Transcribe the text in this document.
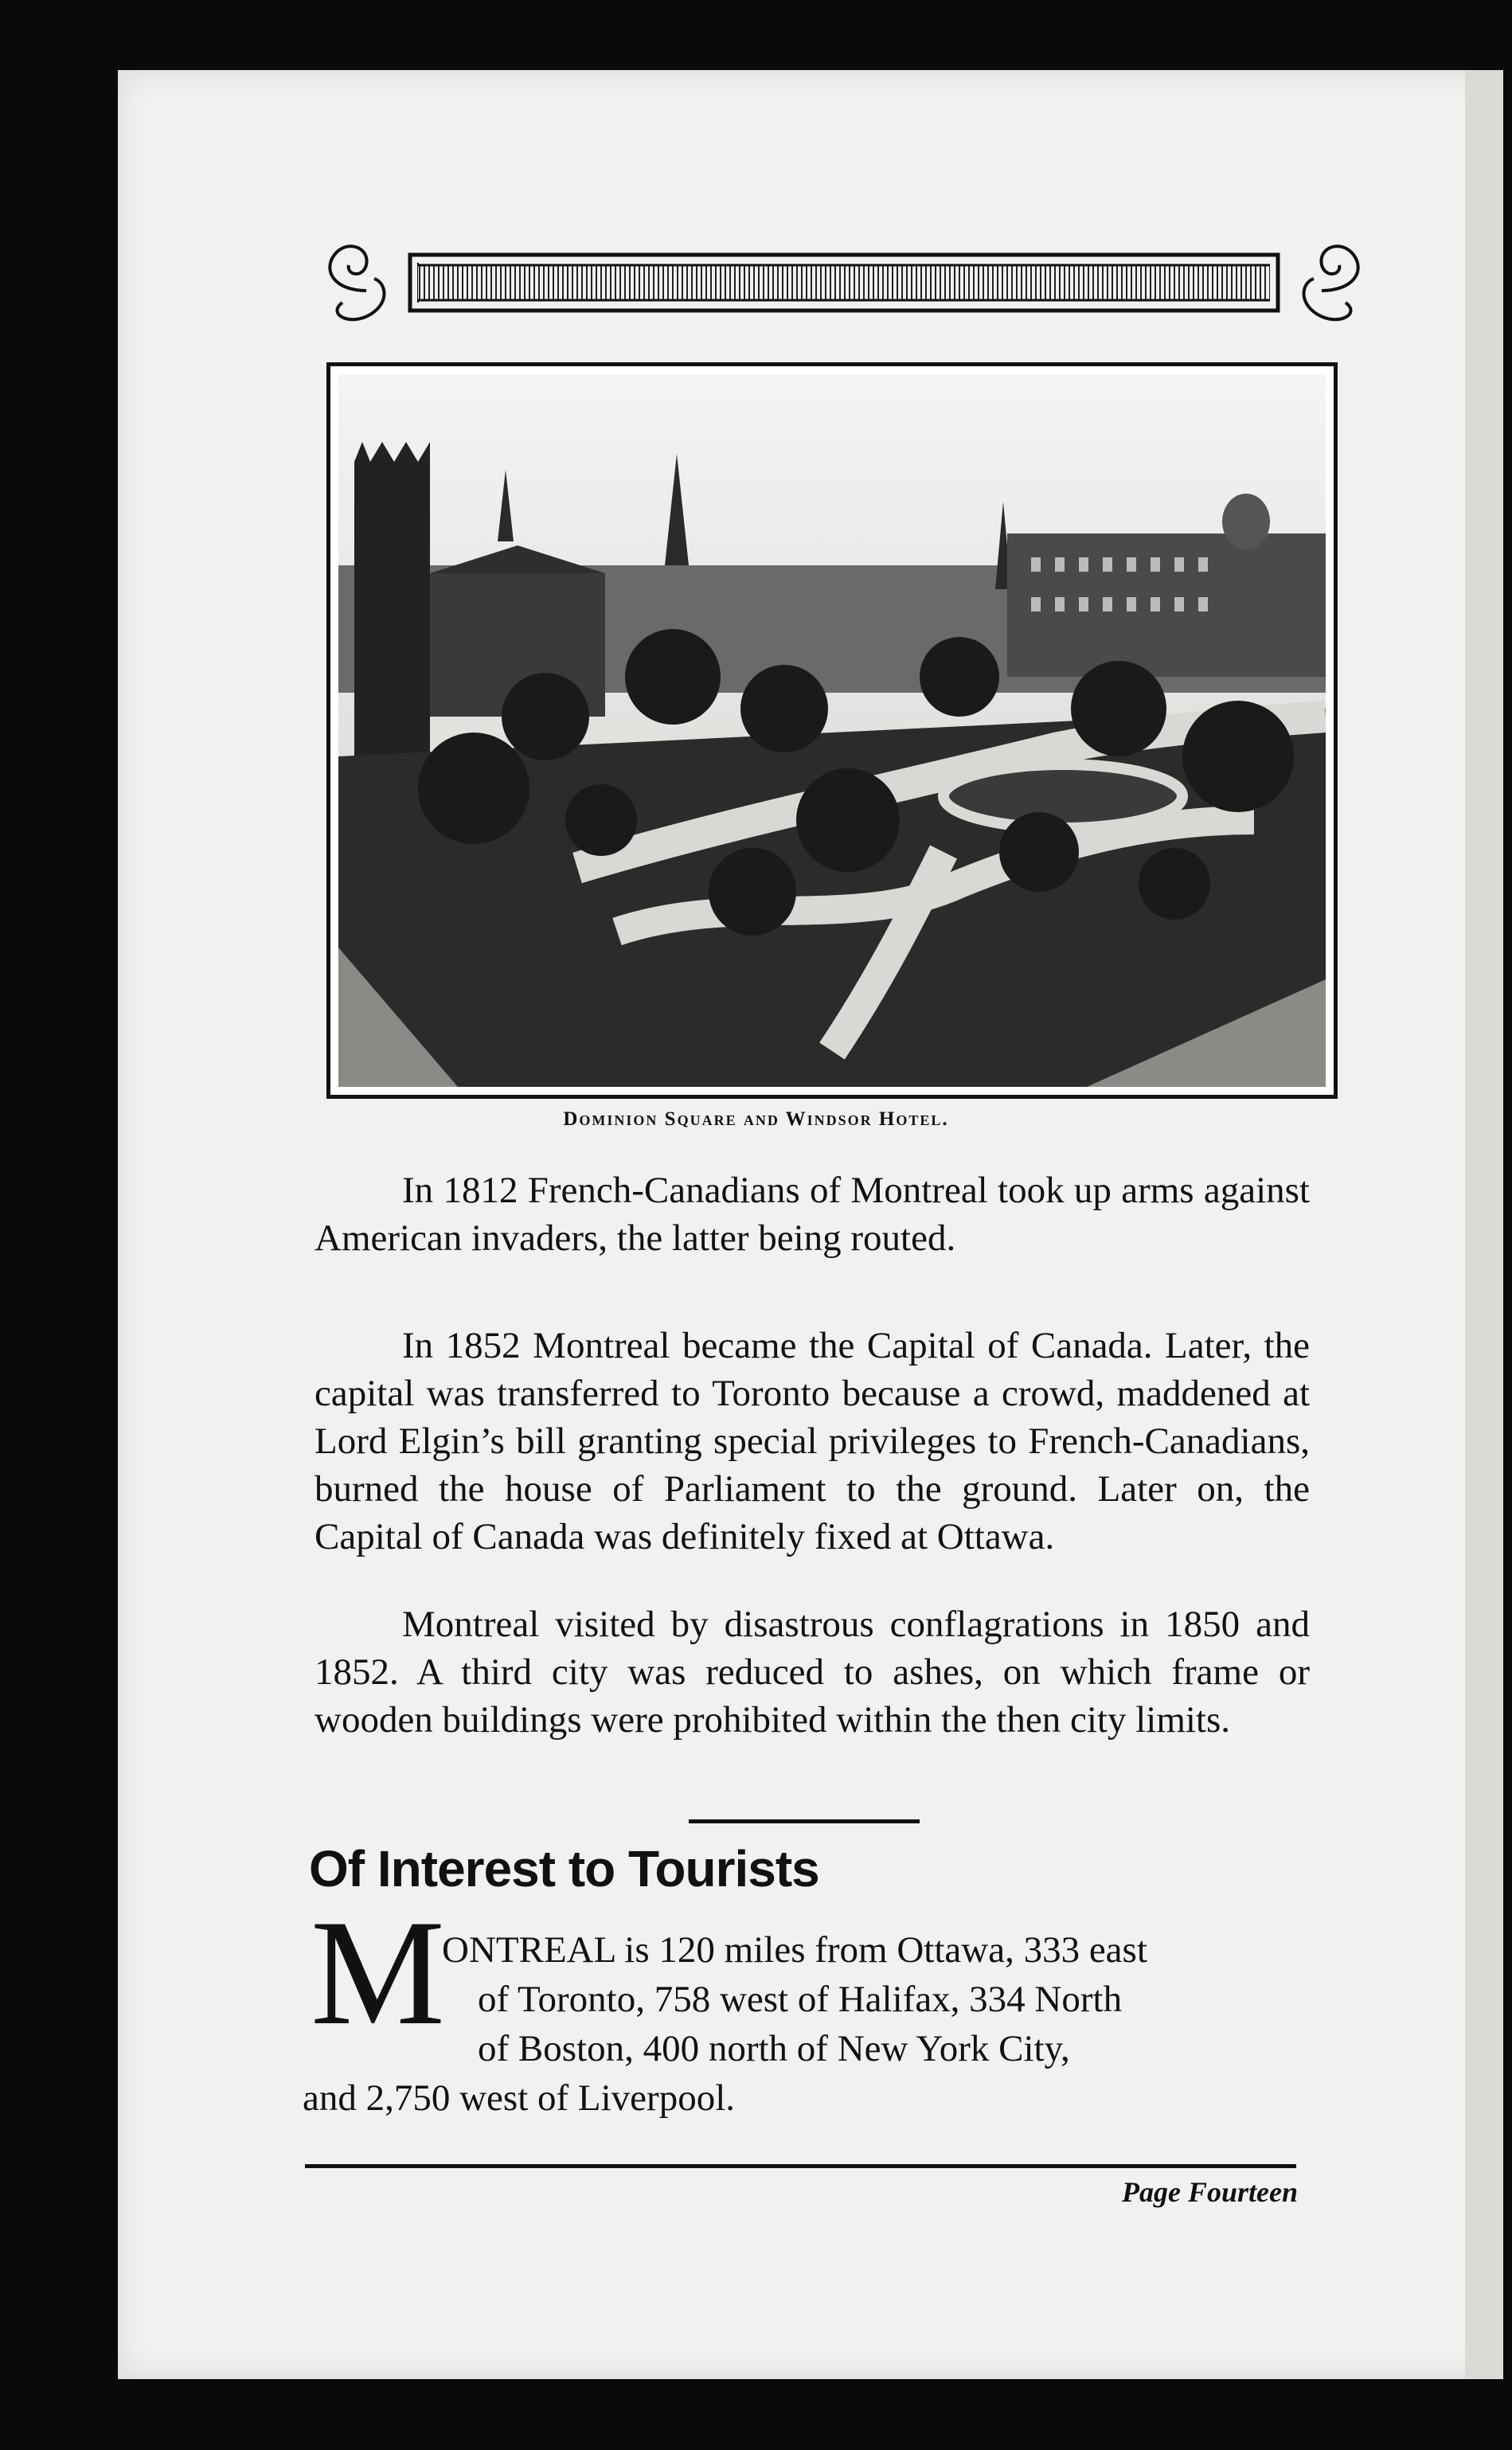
Dominion Square and Windsor Hotel.

In 1812 French-Canadians of Montreal took up arms against American invaders, the latter being routed.

In 1852 Montreal became the Capital of Canada. Later, the capital was transferred to Toronto because a crowd, maddened at Lord Elgin’s bill granting special privileges to French-Canadians, burned the house of Parliament to the ground. Later on, the Capital of Canada was definitely fixed at Ottawa.

Montreal visited by disastrous conflagrations in 1850 and 1852. A third city was reduced to ashes, on which frame or wooden buildings were prohibited within the then city limits.

Of Interest to Tourists
M
ONTREAL is 120 miles from Ottawa, 333 east
of Toronto, 758 west of Halifax, 334 North
of Boston, 400 north of New York City,
and 2,750 west of Liverpool.
Page Fourteen
